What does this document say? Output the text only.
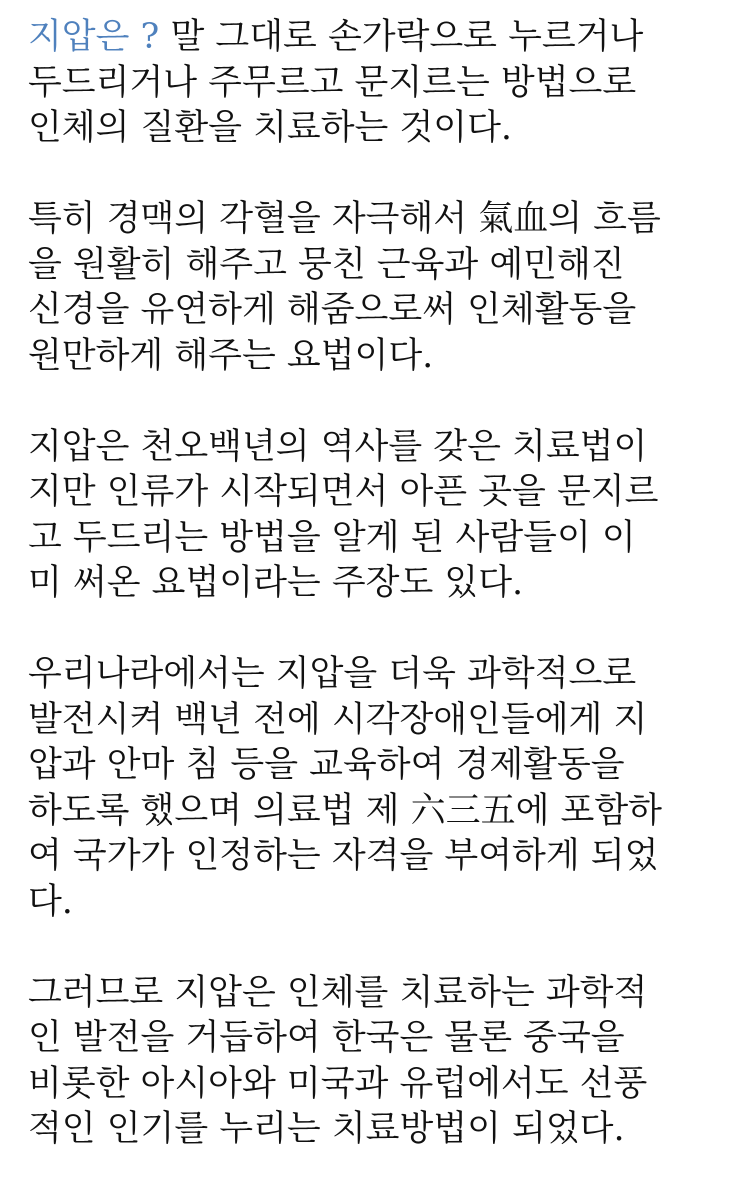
지압은 ? 말 그대로 손가락으로 누르거나
두드리거나 주무르고 문지르는 방법으로
인체의 질환을 치료하는 것이다.
특히 경맥의 각혈을 자극해서 氣血의 흐름
을 원활히 해주고 뭉친 근육과 예민해진
신경을 유연하게 해줌으로써 인체활동을
원만하게 해주는 요법이다.
지압은 천오백년의 역사를 갖은 치료법이
지만 인류가 시작되면서 아픈 곳을 문지르
고 두드리는 방법을 알게 된 사람들이 이
미 써온 요법이라는 주장도 있다.
우리나라에서는 지압을 더욱 과학적으로
발전시켜 백년 전에 시각장애인들에게 지
압과 안마 침 등을 교육하여 경제활동을
하도록 했으며 의료법 제 六三五에 포함하
여 국가가 인정하는 자격을 부여하게 되었
다.
그러므로 지압은 인체를 치료하는 과학적
인 발전을 거듭하여 한국은 물론 중국을
비롯한 아시아와 미국과 유럽에서도 선풍
적인 인기를 누리는 치료방법이 되었다.
